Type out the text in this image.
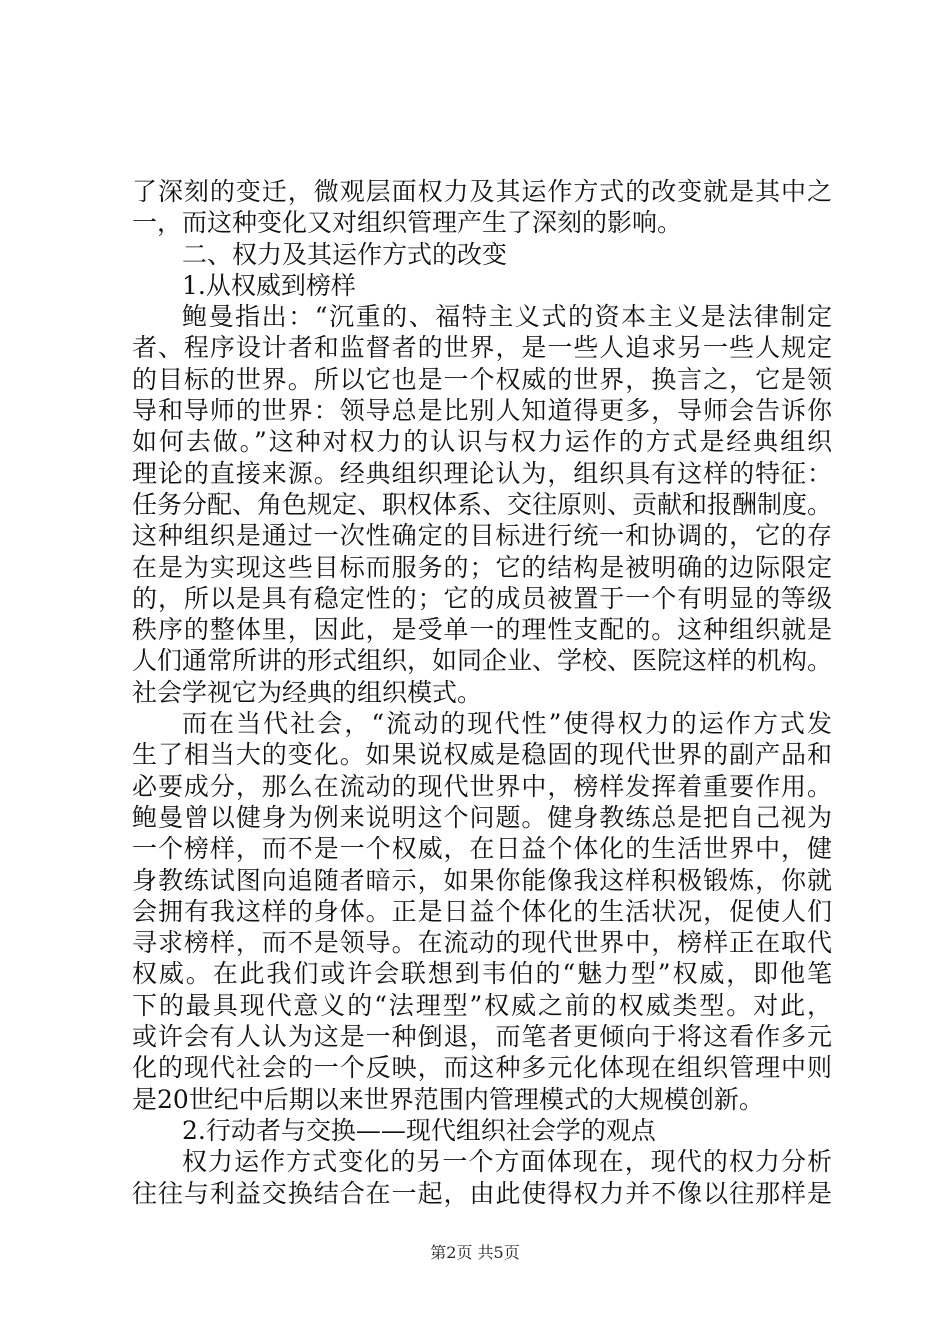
了深刻的变迁，微观层面权力及其运作方式的改变就是其中之
一，而这种变化又对组织管理产生了深刻的影响。
二、权力及其运作方式的改变
1.从权威到榜样
鲍曼指出：“沉重的、福特主义式的资本主义是法律制定
者、程序设计者和监督者的世界，是一些人追求另一些人规定
的目标的世界。所以它也是一个权威的世界，换言之，它是领
导和导师的世界：领导总是比别人知道得更多，导师会告诉你
如何去做。”这种对权力的认识与权力运作的方式是经典组织
理论的直接来源。经典组织理论认为，组织具有这样的特征：
任务分配、角色规定、职权体系、交往原则、贡献和报酬制度。
这种组织是通过一次性确定的目标进行统一和协调的，它的存
在是为实现这些目标而服务的；它的结构是被明确的边际限定
的，所以是具有稳定性的；它的成员被置于一个有明显的等级
秩序的整体里，因此，是受单一的理性支配的。这种组织就是
人们通常所讲的形式组织，如同企业、学校、医院这样的机构。
社会学视它为经典的组织模式。
而在当代社会，“流动的现代性”使得权力的运作方式发
生了相当大的变化。如果说权威是稳固的现代世界的副产品和
必要成分，那么在流动的现代世界中，榜样发挥着重要作用。
鲍曼曾以健身为例来说明这个问题。健身教练总是把自己视为
一个榜样，而不是一个权威，在日益个体化的生活世界中，健
身教练试图向追随者暗示，如果你能像我这样积极锻炼，你就
会拥有我这样的身体。正是日益个体化的生活状况，促使人们
寻求榜样，而不是领导。在流动的现代世界中，榜样正在取代
权威。在此我们或许会联想到韦伯的“魅力型”权威，即他笔
下的最具现代意义的“法理型”权威之前的权威类型。对此，
或许会有人认为这是一种倒退，而笔者更倾向于将这看作多元
化的现代社会的一个反映，而这种多元化体现在组织管理中则
是20世纪中后期以来世界范围内管理模式的大规模创新。
2.行动者与交换——现代组织社会学的观点
权力运作方式变化的另一个方面体现在，现代的权力分析
往往与利益交换结合在一起，由此使得权力并不像以往那样是
第2页 共5页
